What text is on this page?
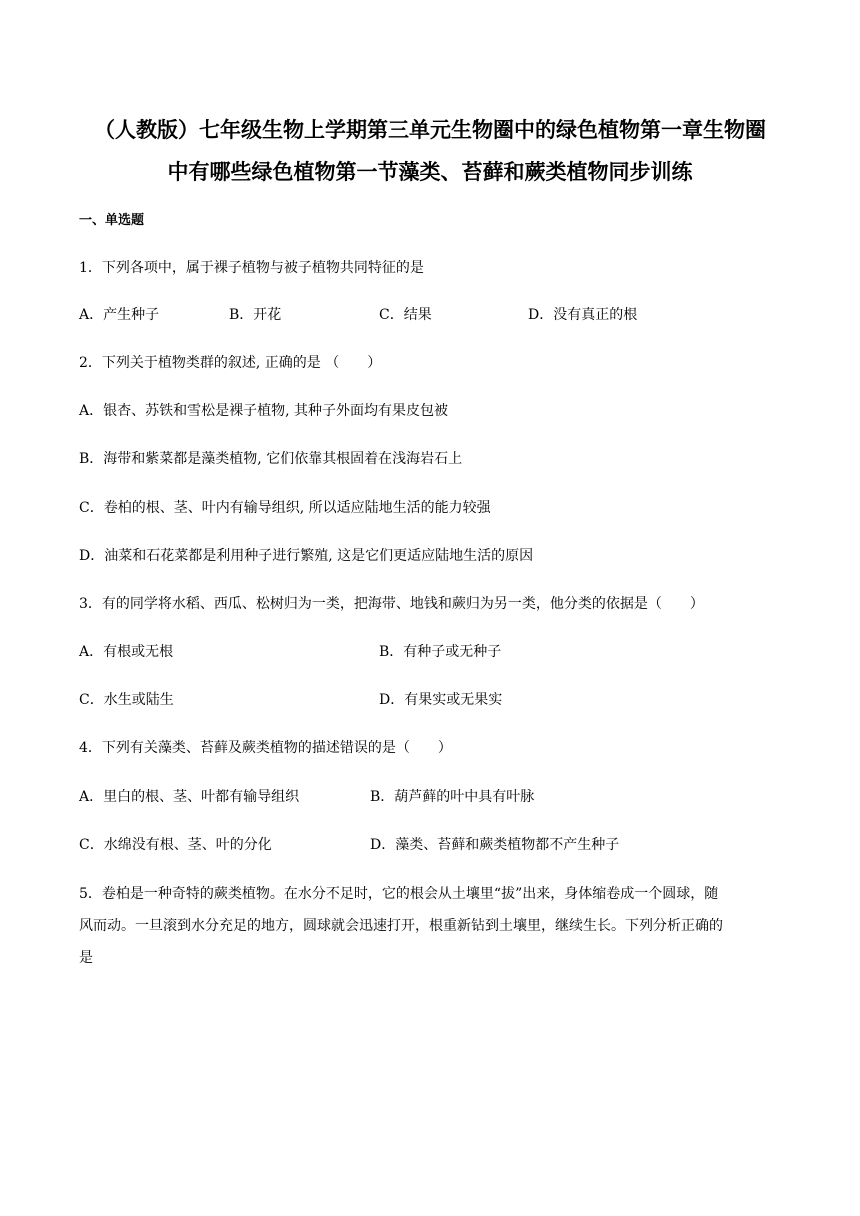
（人教版）七年级生物上学期第三单元生物圈中的绿色植物第一章生物圈
中有哪些绿色植物第一节藻类、苔藓和蕨类植物同步训练
一、单选题
1．下列各项中，属于裸子植物与被子植物共同特征的是
A．产生种子	B．开花	C．结果	D．没有真正的根
2．下列关于植物类群的叙述, 正确的是 （　　）
A．银杏、苏铁和雪松是裸子植物, 其种子外面均有果皮包被
B．海带和紫菜都是藻类植物, 它们依靠其根固着在浅海岩石上
C．卷柏的根、茎、叶内有输导组织, 所以适应陆地生活的能力较强
D．油菜和石花菜都是利用种子进行繁殖, 这是它们更适应陆地生活的原因
3．有的同学将水稻、西瓜、松树归为一类，把海带、地钱和蕨归为另一类，他分类的依据是（　　）
A．有根或无根	B．有种子或无种子
C．水生或陆生	D．有果实或无果实
4．下列有关藻类、苔藓及蕨类植物的描述错误的是（　　）
A．里白的根、茎、叶都有输导组织	B．葫芦藓的叶中具有叶脉
C．水绵没有根、茎、叶的分化	D．藻类、苔藓和蕨类植物都不产生种子
5．卷柏是一种奇特的蕨类植物。在水分不足时，它的根会从土壤里“拔”出来，身体缩卷成一个圆球，随
风而动。一旦滚到水分充足的地方，圆球就会迅速打开，根重新钻到土壤里，继续生长。下列分析正确的
是
